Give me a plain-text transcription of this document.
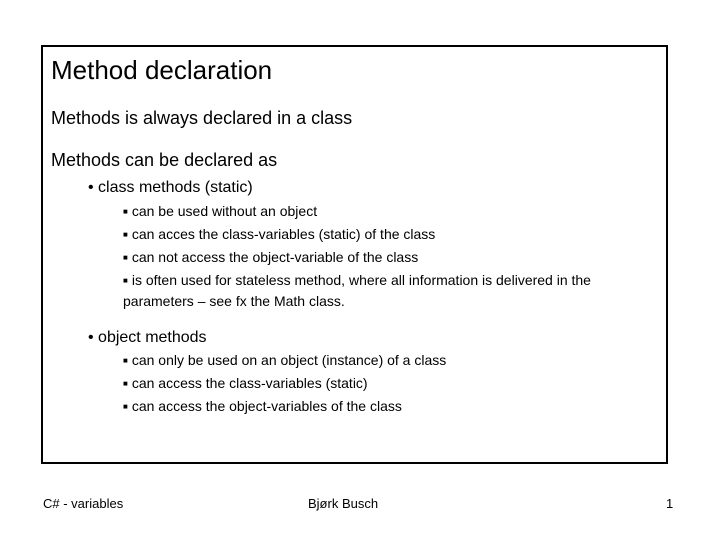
Method declaration
Methods is always declared in a class
Methods can be declared as
• class methods (static)
■ can be used without an object
■ can acces the class-variables (static) of the class
■ can not access the object-variable of the class
■ is often used for stateless method, where all information is delivered in the parameters – see fx the Math class.
• object methods
■ can only be used on an object (instance) of a class
■ can access the class-variables (static)
■ can access the object-variables of the class
C# - variables	Bjørk Busch	1
